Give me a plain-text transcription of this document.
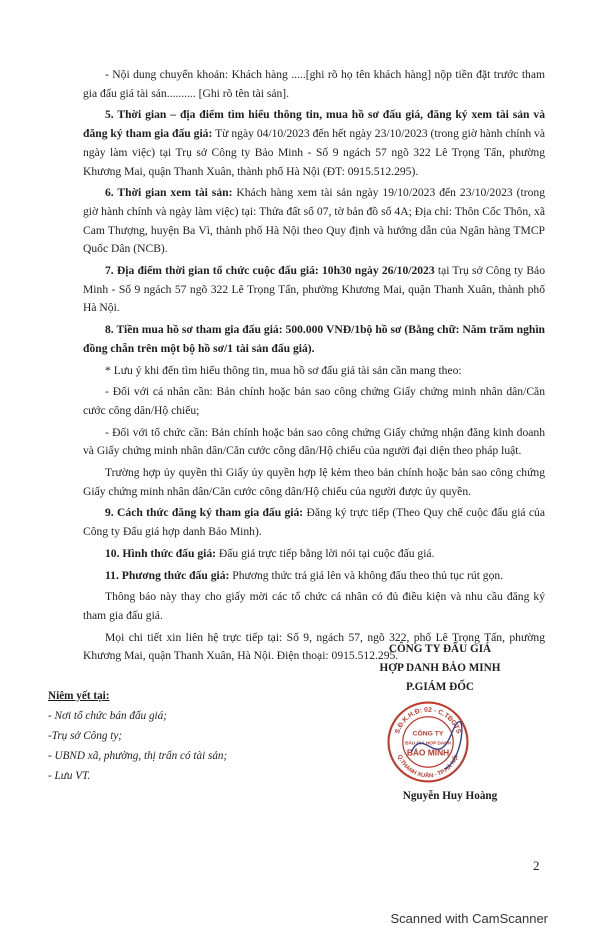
- Nội dung chuyển khoản: Khách hàng .....[ghi rõ họ tên khách hàng] nộp tiền đặt trước tham gia đấu giá tài sản.......... [Ghi rõ tên tài sản].

5. Thời gian – địa điểm tìm hiểu thông tin, mua hồ sơ đấu giá, đăng ký xem tài sản và đăng ký tham gia đấu giá: Từ ngày 04/10/2023 đến hết ngày 23/10/2023 (trong giờ hành chính và ngày làm việc) tại Trụ sở Công ty Bảo Minh - Số 9 ngách 57 ngõ 322 Lê Trọng Tấn, phường Khương Mai, quận Thanh Xuân, thành phố Hà Nội (ĐT: 0915.512.295).

6. Thời gian xem tài sản: Khách hàng xem tài sản ngày 19/10/2023 đến 23/10/2023 (trong giờ hành chính và ngày làm việc) tại: Thửa đất số 07, tờ bản đồ số 4A; Địa chỉ: Thôn Cốc Thôn, xã Cam Thượng, huyện Ba Vì, thành phố Hà Nội theo Quy định và hướng dẫn của Ngân hàng TMCP Quốc Dân (NCB).

7. Địa điểm thời gian tổ chức cuộc đấu giá: 10h30 ngày 26/10/2023 tại Trụ sở Công ty Bảo Minh - Số 9 ngách 57 ngõ 322 Lê Trọng Tấn, phường Khương Mai, quận Thanh Xuân, thành phố Hà Nội.

8. Tiền mua hồ sơ tham gia đấu giá: 500.000 VNĐ/1bộ hồ sơ (Bằng chữ: Năm trăm nghìn đồng chẵn trên một bộ hồ sơ/1 tài sản đấu giá).

* Lưu ý khi đến tìm hiểu thông tin, mua hồ sơ đấu giá tài sản cần mang theo:

- Đối với cá nhân cần: Bản chính hoặc bản sao công chứng Giấy chứng minh nhân dân/Căn cước công dân/Hộ chiếu;

- Đối với tổ chức cần: Bản chính hoặc bản sao công chứng Giấy chứng nhận đăng kinh doanh và Giấy chứng minh nhân dân/Căn cước công dân/Hộ chiếu của người đại diện theo pháp luật.

Trường hợp ủy quyền thì Giấy ủy quyền hợp lệ kèm theo bản chính hoặc bản sao công chứng Giấy chứng minh nhân dân/Căn cước công dân/Hộ chiếu của người được ủy quyền.

9. Cách thức đăng ký tham gia đấu giá: Đăng ký trực tiếp (Theo Quy chế cuộc đấu giá của Công ty Đấu giá hợp danh Bảo Minh).

10. Hình thức đấu giá: Đấu giá trực tiếp bằng lời nói tại cuộc đấu giá.

11. Phương thức đấu giá: Phương thức trả giá lên và không đấu theo thủ tục rút gọn.

Thông báo này thay cho giấy mời các tổ chức cá nhân có đủ điều kiện và nhu cầu đăng ký tham gia đấu giá.

Mọi chi tiết xin liên hệ trực tiếp tại: Số 9, ngách 57, ngõ 322, phố Lê Trọng Tấn, phường Khương Mai, quận Thanh Xuân, Hà Nội. Điện thoại: 0915.512.295.

CÔNG TY ĐẤU GIÁ
HỢP DANH BẢO MINH
P.GIÁM ĐỐC
S.Đ.K.H.Đ: 02 - C.TĐGTS
Q.THANH XUÂN - TP.HÀ NỘI
CÔNG TY
ĐẤU GIÁ HỢP DANH
BẢO MINH
Nguyễn Huy Hoàng
Niêm yết tại:
- Nơi tổ chức bán đấu giá;
-Trụ sở Công ty;
- UBND xã, phường, thị trấn có tài sản;
- Lưu VT.
2
Scanned with CamScanner
